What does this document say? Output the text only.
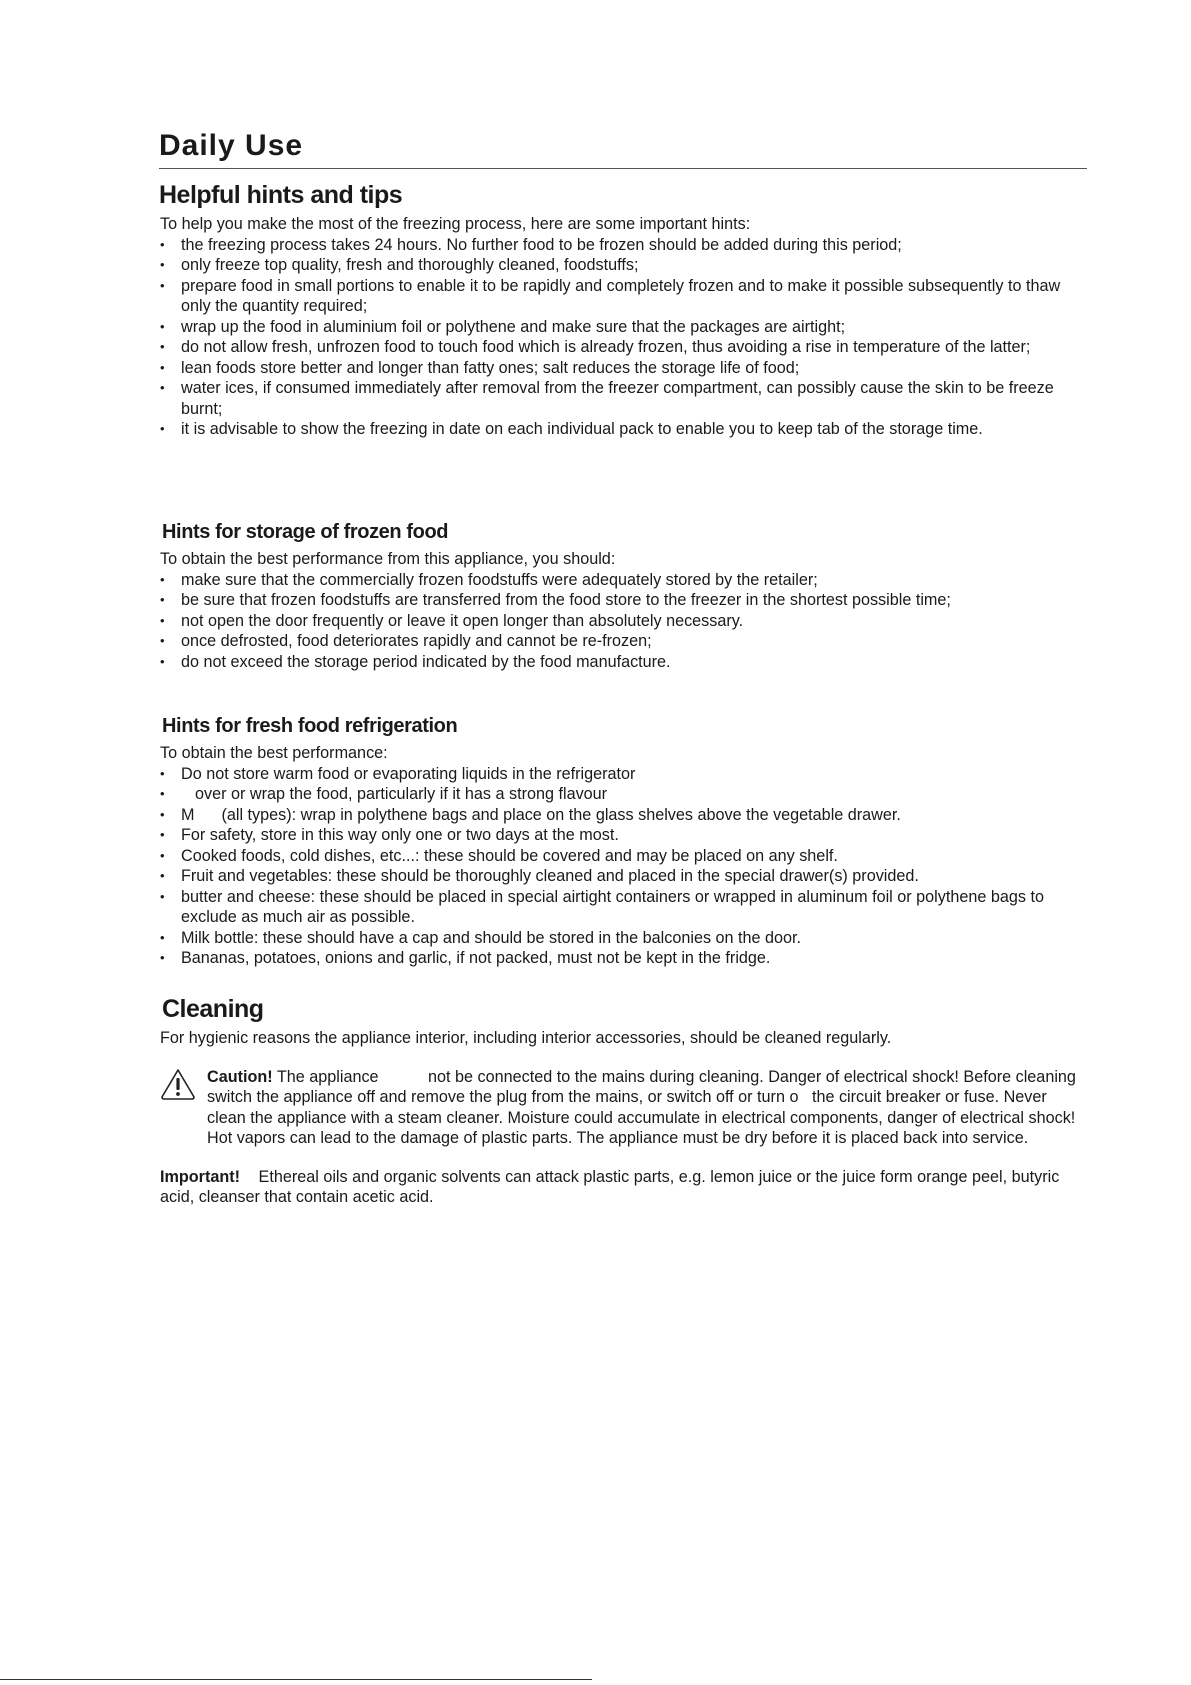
Daily Use
Helpful hints and tips

To help you make the most of the freezing process, here are some important hints:

• the freezing process takes 24 hours. No further food to be frozen should be added during this period;
• only freeze top quality, fresh and thoroughly cleaned, foodstuffs;
• prepare food in small portions to enable it to be rapidly and completely frozen and to make it possible subsequently to thaw only the quantity required;
• wrap up the food in aluminium foil or polythene and make sure that the packages are airtight;
• do not allow fresh, unfrozen food to touch food which is already frozen, thus avoiding a rise in temperature of the latter;
• lean foods store better and longer than fatty ones; salt reduces the storage life of food;
• water ices, if consumed immediately after removal from the freezer compartment, can possibly cause the skin to be freeze burnt;
• it is advisable to show the freezing in date on each individual pack to enable you to keep tab of the storage time.
Hints for storage of frozen food

To obtain the best performance from this appliance, you should:

• make sure that the commercially frozen foodstuffs were adequately stored by the retailer;
• be sure that frozen foodstuffs are transferred from the food store to the freezer in the shortest possible time;
• not open the door frequently or leave it open longer than absolutely necessary.
• once defrosted, food deteriorates rapidly and cannot be re-frozen;
• do not exceed the storage period indicated by the food manufacture.
Hints for fresh food refrigeration

To obtain the best performance:

• Do not store warm food or evaporating liquids in the refrigerator
• over or wrap the food, particularly if it has a strong flavour
• M      (all types): wrap in polythene bags and place on the glass shelves above the vegetable drawer.
• For safety, store in this way only one or two days at the most.
• Cooked foods, cold dishes, etc...: these should be covered and may be placed on any shelf.
• Fruit and vegetables: these should be thoroughly cleaned and placed in the special drawer(s) provided.
• butter and cheese: these should be placed in special airtight containers or wrapped in aluminum foil or polythene bags to exclude as much air as possible.
• Milk bottle: these should have a cap and should be stored in the balconies on the door.
• Bananas, potatoes, onions and garlic, if not packed, must not be kept in the fridge.
Cleaning

For hygienic reasons the appliance interior, including interior accessories, should be cleaned regularly.

Caution! The appliance           not be connected to the mains during cleaning. Danger of electrical shock! Before cleaning switch the appliance off and remove the plug from the mains, or switch off or turn o   the circuit breaker or fuse. Never clean the appliance with a steam cleaner. Moisture could accumulate in electrical components, danger of electrical shock! Hot vapors can lead to the damage of plastic parts. The appliance must be dry before it is placed back into service.

Important! Ethereal oils and organic solvents can attack plastic parts, e.g. lemon juice or the juice form orange peel, butyric acid, cleanser that contain acetic acid.
